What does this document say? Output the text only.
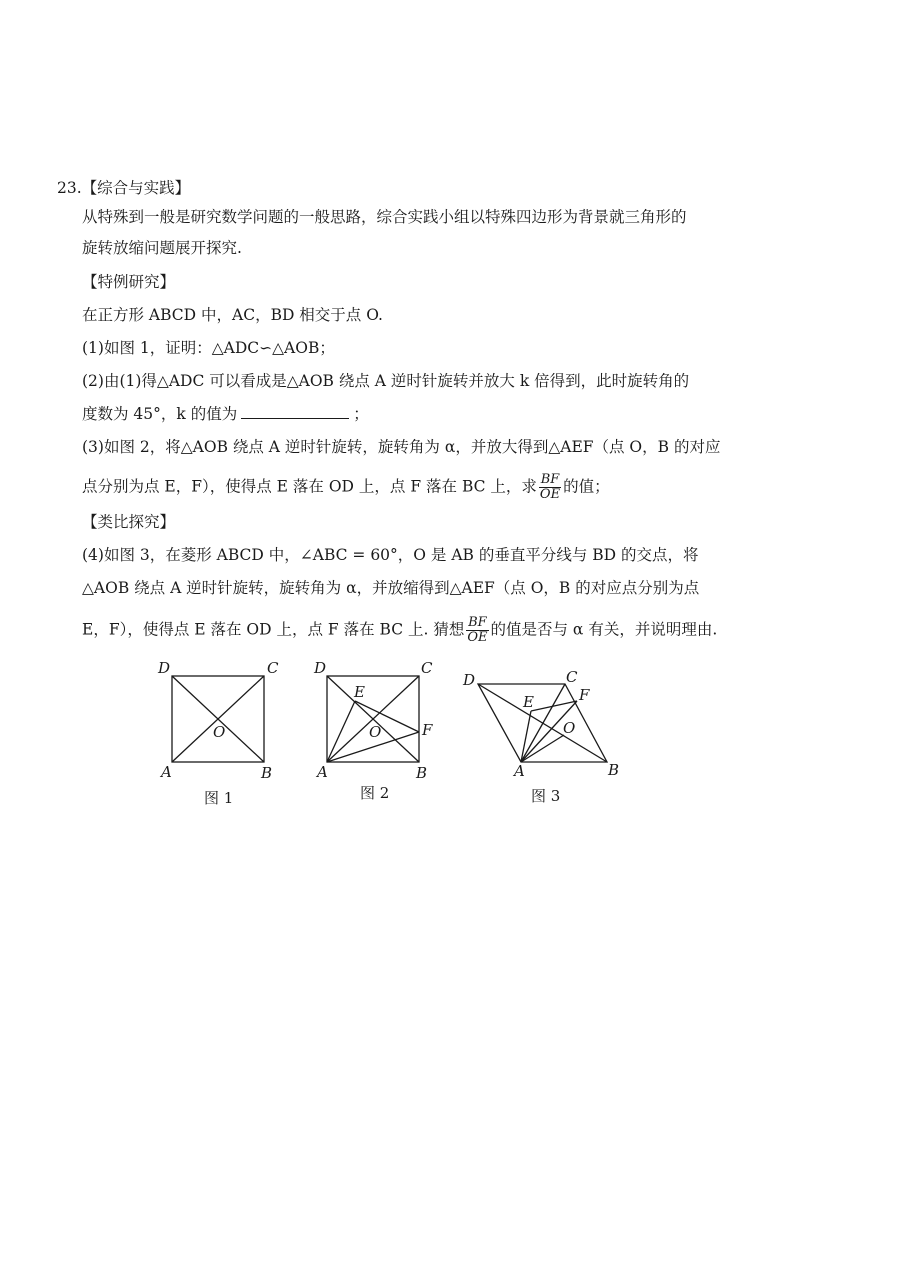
23.【综合与实践】
从特殊到一般是研究数学问题的一般思路，综合实践小组以特殊四边形为背景就三角形的
旋转放缩问题展开探究.
【特例研究】
在正方形 ABCD 中，AC，BD 相交于点 O.
(1)如图 1，证明：△ADC∽△AOB；
(2)由(1)得△ADC 可以看成是△AOB 绕点 A 逆时针旋转并放大 k 倍得到，此时旋转角的
度数为 45°，k 的值为	；
(3)如图 2，将△AOB 绕点 A 逆时针旋转，旋转角为 α，并放大得到△AEF（点 O，B 的对应
点分别为点 E，F），使得点 E 落在 OD 上，点 F 落在 BC 上，求 $\frac{BF}{OE}$ 的值；
【类比探究】
(4)如图 3，在菱形 ABCD 中，∠ABC = 60°，O 是 AB 的垂直平分线与 BD 的交点，将
△AOB 绕点 A 逆时针旋转，旋转角为 α，并放缩得到△AEF（点 O，B 的对应点分别为点
E，F），使得点 E 落在 OD 上，点 F 落在 BC 上. 猜想 $\frac{BF}{OE}$ 的值是否与 α 有关，并说明理由.
D	C
A	B
O
图 1
D	C
A	B
O
E
F
图 2
D	C
A	B
O
E	F
图 3
